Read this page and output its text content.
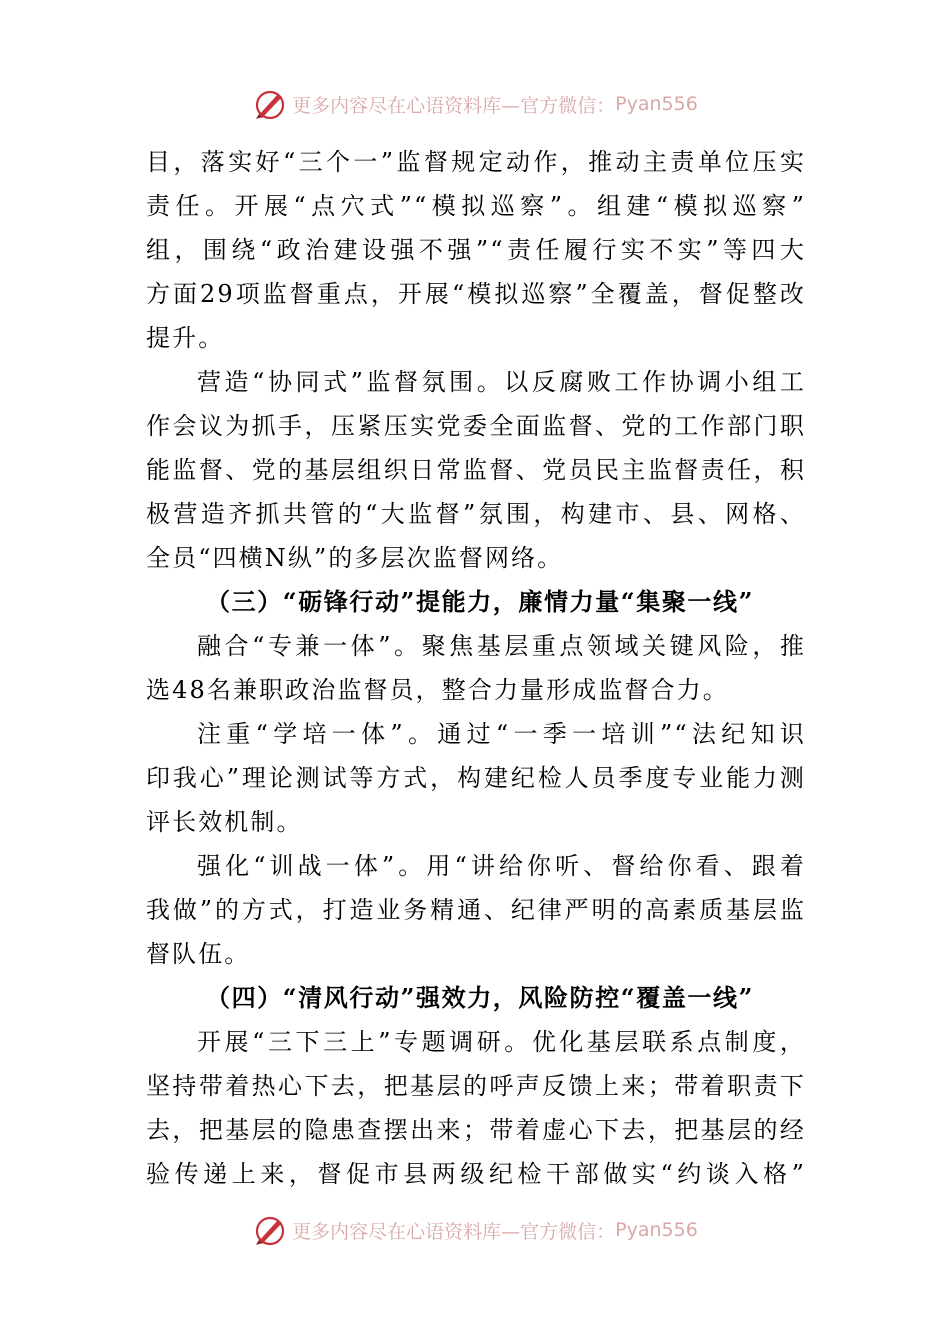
更多内容尽在心语资料库—官方微信： Pyan556
目，落实好“三个一”监督规定动作，推动主责单位压实
责任。开展“点穴式”“模拟巡察”。组建“模拟巡察”
组，围绕“政治建设强不强”“责任履行实不实”等四大
方面29项监督重点，开展“模拟巡察”全覆盖，督促整改
提升。
营造“协同式”监督氛围。以反腐败工作协调小组工
作会议为抓手，压紧压实党委全面监督、党的工作部门职
能监督、党的基层组织日常监督、党员民主监督责任，积
极营造齐抓共管的“大监督”氛围，构建市、县、网格、
全员“四横N纵”的多层次监督网络。
（三）“砺锋行动”提能力，廉情力量“集聚一线”
融合“专兼一体”。聚焦基层重点领域关键风险，推
选48名兼职政治监督员，整合力量形成监督合力。
注重“学培一体”。通过“一季一培训”“法纪知识
印我心”理论测试等方式，构建纪检人员季度专业能力测
评长效机制。
强化“训战一体”。用“讲给你听、督给你看、跟着
我做”的方式，打造业务精通、纪律严明的高素质基层监
督队伍。
（四）“清风行动”强效力，风险防控“覆盖一线”
开展“三下三上”专题调研。优化基层联系点制度，
坚持带着热心下去，把基层的呼声反馈上来；带着职责下
去，把基层的隐患查摆出来；带着虚心下去，把基层的经
验传递上来，督促市县两级纪检干部做实“约谈入格”
更多内容尽在心语资料库—官方微信： Pyan556
